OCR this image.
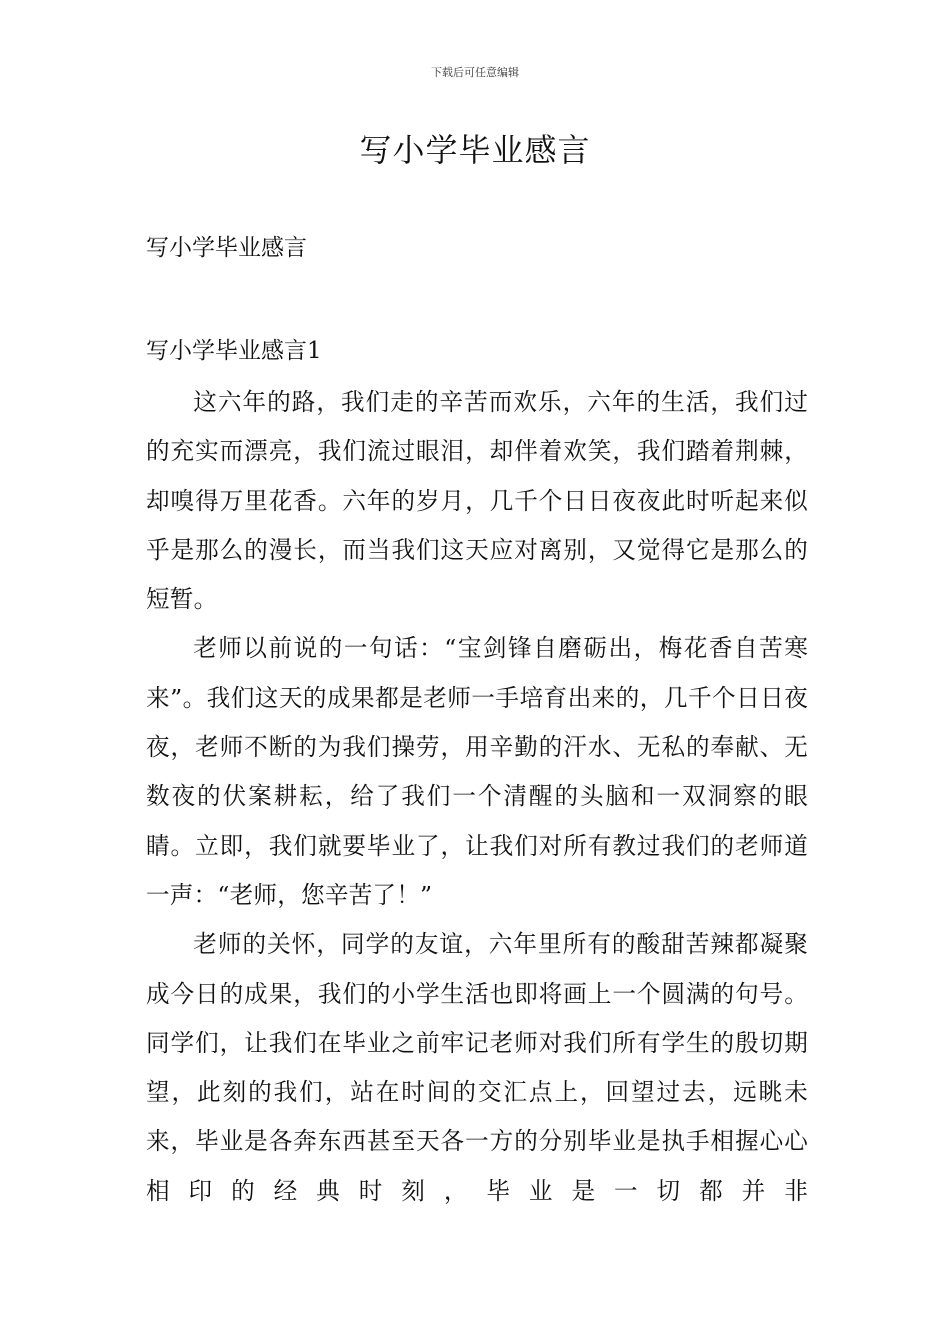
下载后可任意编辑
写小学毕业感言
写小学毕业感言
写小学毕业感言1

这六年的路，我们走的辛苦而欢乐，六年的生活，我们过的充实而漂亮，我们流过眼泪，却伴着欢笑，我们踏着荆棘，却嗅得万里花香。六年的岁月，几千个日日夜夜此时听起来似乎是那么的漫长，而当我们这天应对离别，又觉得它是那么的短暂。

老师以前说的一句话：“宝剑锋自磨砺出，梅花香自苦寒来”。我们这天的成果都是老师一手培育出来的，几千个日日夜夜，老师不断的为我们操劳，用辛勤的汗水、无私的奉献、无数夜的伏案耕耘，给了我们一个清醒的头脑和一双洞察的眼睛。立即，我们就要毕业了，让我们对所有教过我们的老师道一声：“老师，您辛苦了！”

老师的关怀，同学的友谊，六年里所有的酸甜苦辣都凝聚成今日的成果，我们的小学生活也即将画上一个圆满的句号。同学们，让我们在毕业之前牢记老师对我们所有学生的殷切期望，此刻的我们，站在时间的交汇点上，回望过去，远眺未来，毕业是各奔东西甚至天各一方的分别毕业是执手相握心心相印的经典时刻，毕业是一切都并非
